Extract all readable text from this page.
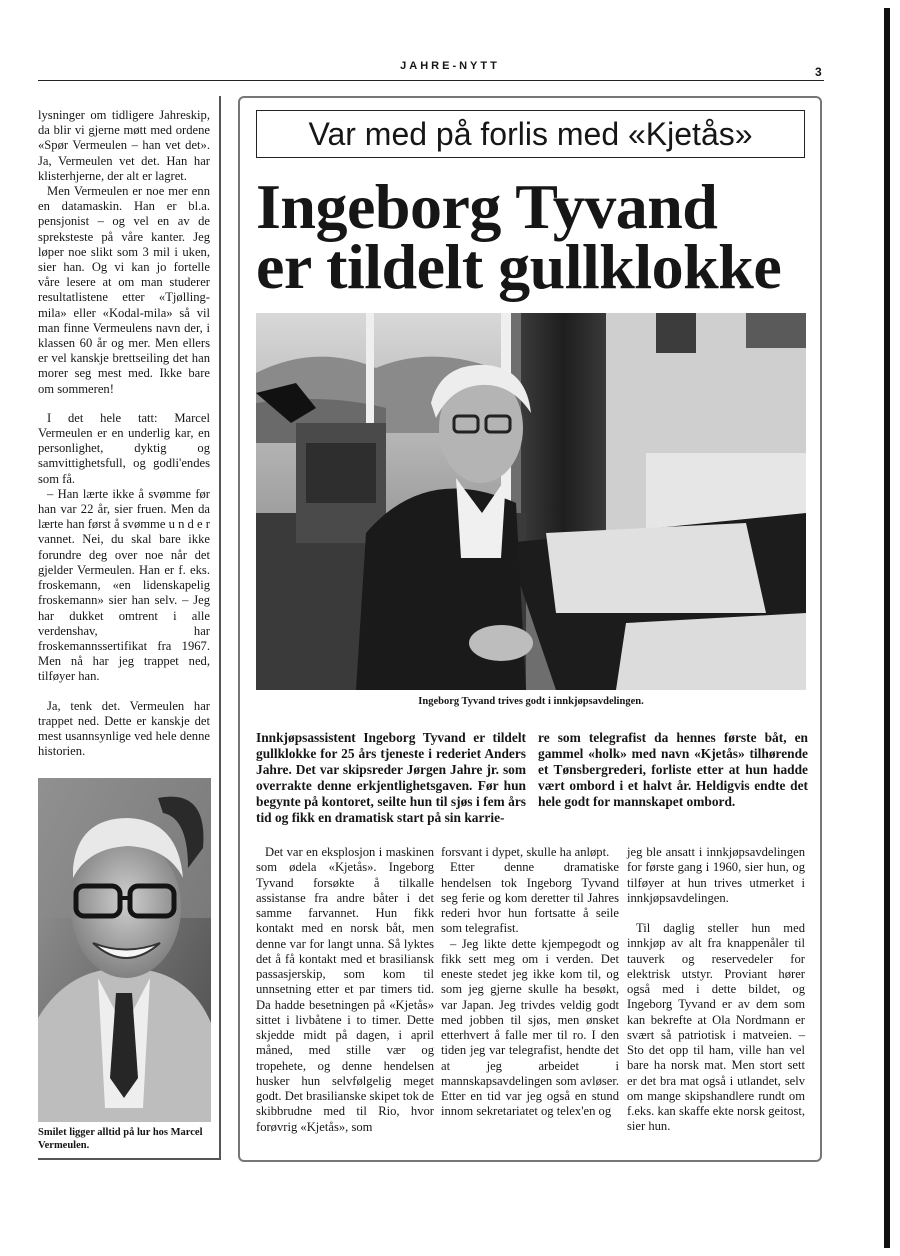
JAHRE-NYTT	3

lysninger om tidligere Jahreskip, da blir vi gjerne møtt med ordene «Spør Vermeulen – han vet det». Ja, Vermeulen vet det. Han har klisterhjerne, der alt er lagret.

Men Vermeulen er noe mer enn en datamaskin. Han er bl.a. pensjonist – og vel en av de spreksteste på våre kanter. Jeg løper noe slikt som 3 mil i uken, sier han. Og vi kan jo fortelle våre lesere at om man studerer resultatlistene etter «Tjølling-mila» eller «Kodal-mila» så vil man finne Vermeulens navn der, i klassen 60 år og mer. Men ellers er vel kanskje brettseiling det han morer seg mest med. Ikke bare om sommeren!

I det hele tatt: Marcel Vermeulen er en underlig kar, en personlighet, dyktig og samvittighetsfull, og godli'endes som få.

– Han lærte ikke å svømme før han var 22 år, sier fruen. Men da lærte han først å svømme u n d e r vannet. Nei, du skal bare ikke forundre deg over noe når det gjelder Vermeulen. Han er f. eks. froskemann, «en lidenskapelig froskemann» sier han selv. – Jeg har dukket omtrent i alle verdenshav, har froskemannssertifikat fra 1967. Men nå har jeg trappet ned, tilføyer han.

Ja, tenk det. Vermeulen har trappet ned. Dette er kanskje det mest usannsynlige ved hele denne historien.

Smilet ligger alltid på lur hos Marcel Vermeulen.
Var med på forlis med «Kjetås»
Ingeborg Tyvand
er tildelt gullklokke
Ingeborg Tyvand trives godt i innkjøpsavdelingen.
Innkjøpsassistent Ingeborg Tyvand er tildelt gullklokke for 25 års tjeneste i rederiet Anders Jahre. Det var skipsreder Jørgen Jahre jr. som overrakte denne erkjentlighetsgaven. Før hun begynte på kontoret, seilte hun til sjøs i fem års tid og fikk en dramatisk start på sin karrie-
re som telegrafist da hennes første båt, en gammel «holk» med navn «Kjetås» tilhørende et Tønsbergrederi, forliste etter at hun hadde vært ombord i et halvt år. Heldigvis endte det hele godt for mannskapet ombord.

Det var en eksplosjon i maskinen som ødela «Kjetås». Ingeborg Tyvand forsøkte å tilkalle assistanse fra andre båter i det samme farvannet. Hun fikk kontakt med en norsk båt, men denne var for langt unna. Så lyktes det å få kontakt med et brasiliansk passasjerskip, som kom til unnsetning etter et par timers tid. Da hadde besetningen på «Kjetås» sittet i livbåtene i to timer. Dette skjedde midt på dagen, i april måned, med stille vær og tropehete, og denne hendelsen husker hun selvfølgelig meget godt. Det brasilianske skipet tok de skibbrudne med til Rio, hvor forøvrig «Kjetås», som

forsvant i dypet, skulle ha anløpt.

Etter denne dramatiske hendelsen tok Ingeborg Tyvand seg ferie og kom deretter til Jahres rederi hvor hun fortsatte å seile som telegrafist.

– Jeg likte dette kjempegodt og fikk sett meg om i verden. Det eneste stedet jeg ikke kom til, og som jeg gjerne skulle ha besøkt, var Japan. Jeg trivdes veldig godt med jobben til sjøs, men ønsket etterhvert å falle mer til ro. I den tiden jeg var telegrafist, hendte det at jeg arbeidet i mannskapsavdelingen som avløser. Etter en tid var jeg også en stund innom sekretariatet og telex'en og

jeg ble ansatt i innkjøpsavdelingen for første gang i 1960, sier hun, og tilføyer at hun trives utmerket i innkjøpsavdelingen.

Til daglig steller hun med innkjøp av alt fra knappenåler til tauverk og reservedeler for elektrisk utstyr. Proviant hører også med i dette bildet, og Ingeborg Tyvand er av dem som kan bekrefte at Ola Nordmann er svært så patriotisk i matveien. – Sto det opp til ham, ville han vel bare ha norsk mat. Men stort sett er det bra mat også i utlandet, selv om mange skipshandlere rundt om f.eks. kan skaffe ekte norsk geitost, sier hun.
